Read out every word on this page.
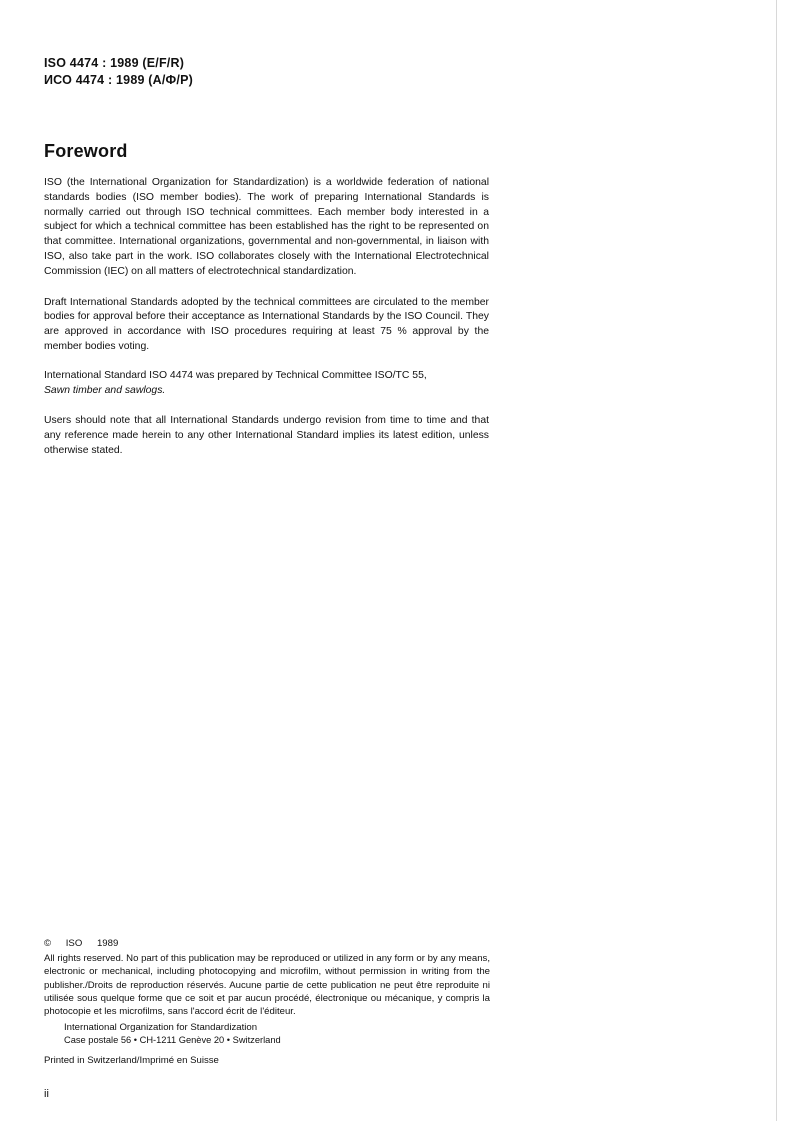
ISO 4474 : 1989 (E/F/R)
ИСО 4474 : 1989 (А/Ф/Р)
Foreword

ISO (the International Organization for Standardization) is a worldwide federation of national standards bodies (ISO member bodies). The work of preparing International Standards is normally carried out through ISO technical committees. Each member body interested in a subject for which a technical committee has been established has the right to be represented on that committee. International organizations, governmental and non-governmental, in liaison with ISO, also take part in the work. ISO collaborates closely with the International Electrotechnical Commission (IEC) on all matters of electrotechnical standardization.

Draft International Standards adopted by the technical committees are circulated to the member bodies for approval before their acceptance as International Standards by the ISO Council. They are approved in accordance with ISO procedures requiring at least 75 % approval by the member bodies voting.

International Standard ISO 4474 was prepared by Technical Committee ISO/TC 55,
Sawn timber and sawlogs.

Users should note that all International Standards undergo revision from time to time and that any reference made herein to any other International Standard implies its latest edition, unless otherwise stated.

© ISO 1989

All rights reserved. No part of this publication may be reproduced or utilized in any form or by any means, electronic or mechanical, including photocopying and microfilm, without permission in writing from the publisher./Droits de reproduction réservés. Aucune partie de cette publication ne peut être reproduite ni utilisée sous quelque forme que ce soit et par aucun procédé, électronique ou mécanique, y compris la photocopie et les microfilms, sans l'accord écrit de l'éditeur.

International Organization for Standardization

Case postale 56 • CH-1211 Genève 20 • Switzerland

Printed in Switzerland/Imprimé en Suisse

ii
